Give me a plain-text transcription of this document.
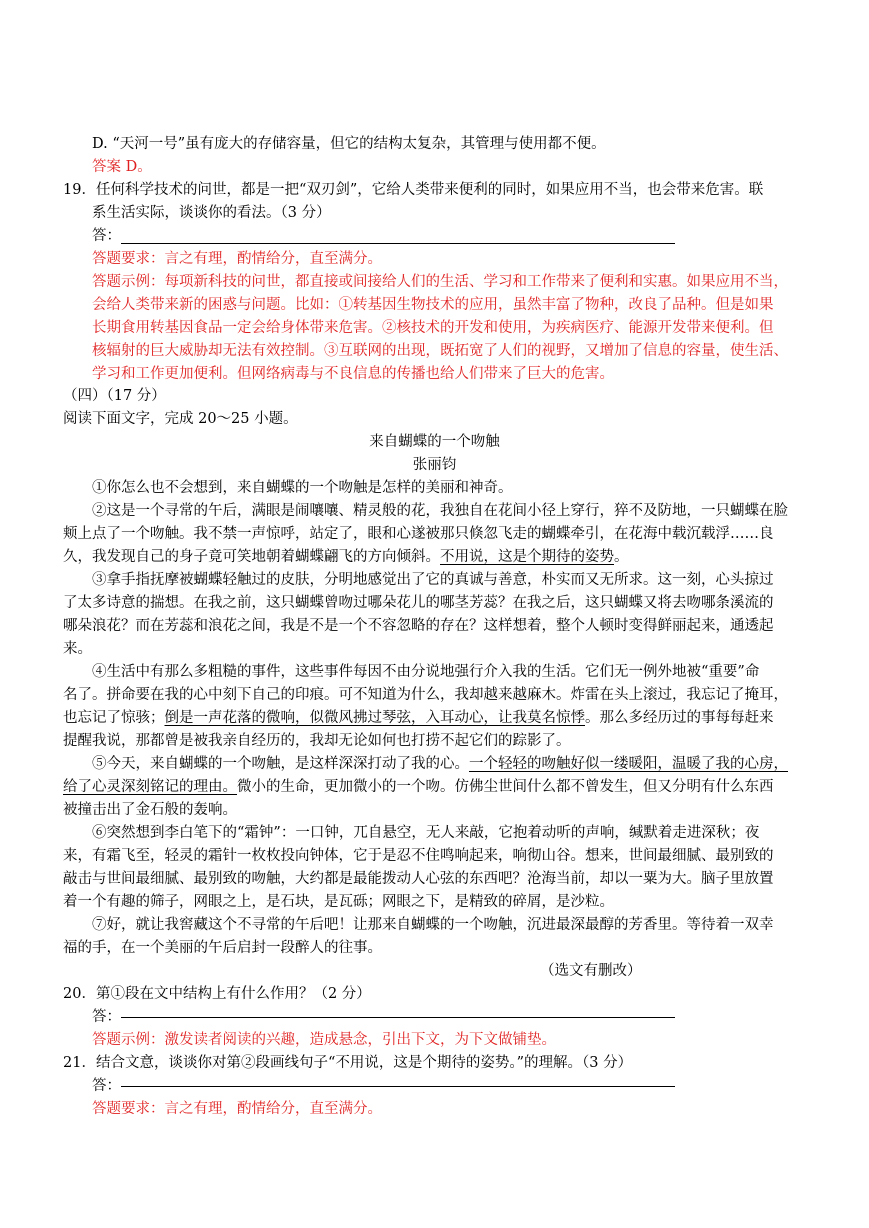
D. “天河一号”虽有庞大的存储容量，但它的结构太复杂，其管理与使用都不便。
答案 D。
19．任何科学技术的问世，都是一把“双刃剑”，它给人类带来便利的同时，如果应用不当，也会带来危害。联
系生活实际，谈谈你的看法。（3 分）
答：
答题要求：言之有理，酌情给分，直至满分。
答题示例：每项新科技的问世，都直接或间接给人们的生活、学习和工作带来了便利和实惠。如果应用不当，
会给人类带来新的困惑与问题。比如：①转基因生物技术的应用，虽然丰富了物种，改良了品种。但是如果
长期食用转基因食品一定会给身体带来危害。②核技术的开发和使用，为疾病医疗、能源开发带来便利。但
核辐射的巨大威胁却无法有效控制。③互联网的出现，既拓宽了人们的视野，又增加了信息的容量，使生活、
学习和工作更加便利。但网络病毒与不良信息的传播也给人们带来了巨大的危害。
（四）（17 分）
阅读下面文字，完成 20～25 小题。
来自蝴蝶的一个吻触
张丽钧
①你怎么也不会想到，来自蝴蝶的一个吻触是怎样的美丽和神奇。
②这是一个寻常的午后，满眼是闹嚷嚷、精灵般的花，我独自在花间小径上穿行，猝不及防地，一只蝴蝶在脸
颊上点了一个吻触。我不禁一声惊呼，站定了，眼和心遂被那只倏忽飞走的蝴蝶牵引，在花海中载沉载浮……良
久，我发现自己的身子竟可笑地朝着蝴蝶翩飞的方向倾斜。不用说，这是个期待的姿势。
③拿手指抚摩被蝴蝶轻触过的皮肤，分明地感觉出了它的真诚与善意，朴实而又无所求。这一刻，心头掠过
了太多诗意的揣想。在我之前，这只蝴蝶曾吻过哪朵花儿的哪茎芳蕊？在我之后，这只蝴蝶又将去吻哪条溪流的
哪朵浪花？而在芳蕊和浪花之间，我是不是一个不容忽略的存在？这样想着，整个人顿时变得鲜丽起来，通透起
来。
④生活中有那么多粗糙的事件，这些事件每因不由分说地强行介入我的生活。它们无一例外地被“重要”命
名了。拼命要在我的心中刻下自己的印痕。可不知道为什么，我却越来越麻木。炸雷在头上滚过，我忘记了掩耳，
也忘记了惊骇；倒是一声花落的微响，似微风拂过琴弦，入耳动心，让我莫名惊悸。那么多经历过的事每每赶来
提醒我说，那都曾是被我亲自经历的，我却无论如何也打捞不起它们的踪影了。
⑤今天，来自蝴蝶的一个吻触，是这样深深打动了我的心。一个轻轻的吻触好似一缕暖阳，温暖了我的心房，
给了心灵深刻铭记的理由。微小的生命，更加微小的一个吻。仿佛尘世间什么都不曾发生，但又分明有什么东西
被撞击出了金石般的轰响。
⑥突然想到李白笔下的“霜钟”：一口钟，兀自悬空，无人来敲，它抱着动听的声响，缄默着走进深秋；夜
来，有霜飞至，轻灵的霜针一枚枚投向钟体，它于是忍不住鸣响起来，响彻山谷。想来，世间最细腻、最别致的
敲击与世间最细腻、最别致的吻触，大约都是最能拨动人心弦的东西吧？沧海当前，却以一粟为大。脑子里放置
着一个有趣的筛子，网眼之上，是石块，是瓦砾；网眼之下，是精致的碎屑，是沙粒。
⑦好，就让我窖藏这个不寻常的午后吧！让那来自蝴蝶的一个吻触，沉进最深最醇的芳香里。等待着一双幸
福的手，在一个美丽的午后启封一段醉人的往事。
（选文有删改）
20．第①段在文中结构上有什么作用？（2 分）
答：
答题示例：激发读者阅读的兴趣，造成悬念，引出下文，为下文做铺垫。
21．结合文意，谈谈你对第②段画线句子“不用说，这是个期待的姿势。”的理解。（3 分）
答：
答题要求：言之有理，酌情给分，直至满分。
